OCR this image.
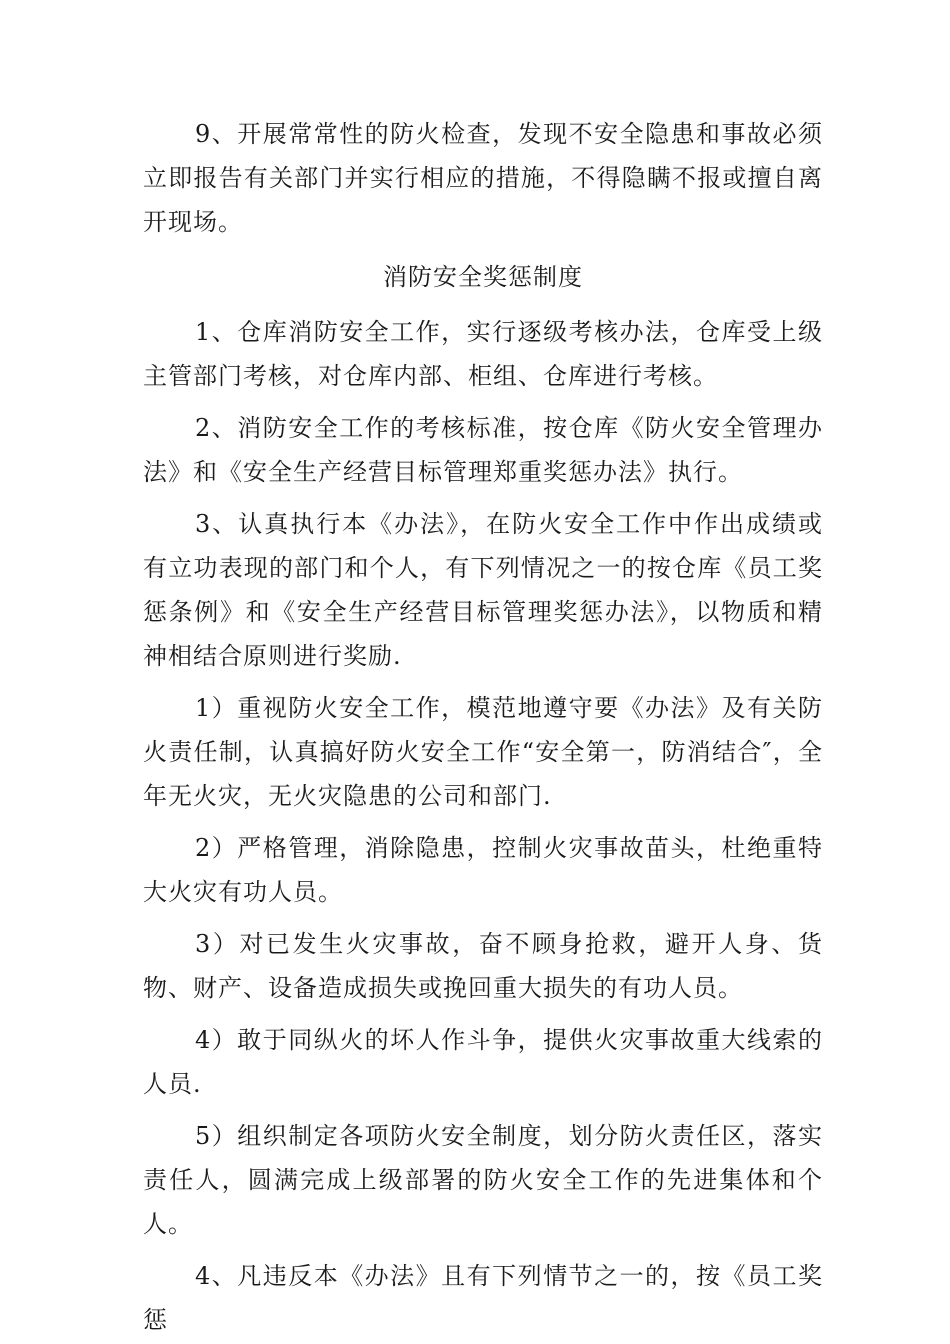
9、开展常常性的防火检查，发现不安全隐患和事故必须立即报告有关部门并实行相应的措施，不得隐瞒不报或擅自离开现场。

消防安全奖惩制度

1、仓库消防安全工作，实行逐级考核办法，仓库受上级主管部门考核，对仓库内部、柜组、仓库进行考核。

2、消防安全工作的考核标准，按仓库《防火安全管理办法》和《安全生产经营目标管理郑重奖惩办法》执行。

3、认真执行本《办法》，在防火安全工作中作出成绩或有立功表现的部门和个人，有下列情况之一的按仓库《员工奖惩条例》和《安全生产经营目标管理奖惩办法》，以物质和精神相结合原则进行奖励.

1）重视防火安全工作，模范地遵守要《办法》及有关防火责任制，认真搞好防火安全工作“安全第一，防消结合″，全年无火灾，无火灾隐患的公司和部门.

2）严格管理，消除隐患，控制火灾事故苗头，杜绝重特大火灾有功人员。

3）对已发生火灾事故，奋不顾身抢救，避开人身、货物、财产、设备造成损失或挽回重大损失的有功人员。

4）敢于同纵火的坏人作斗争，提供火灾事故重大线索的人员.

5）组织制定各项防火安全制度，划分防火责任区，落实责任人，圆满完成上级部署的防火安全工作的先进集体和个人。

4、凡违反本《办法》且有下列情节之一的，按《员工奖惩
